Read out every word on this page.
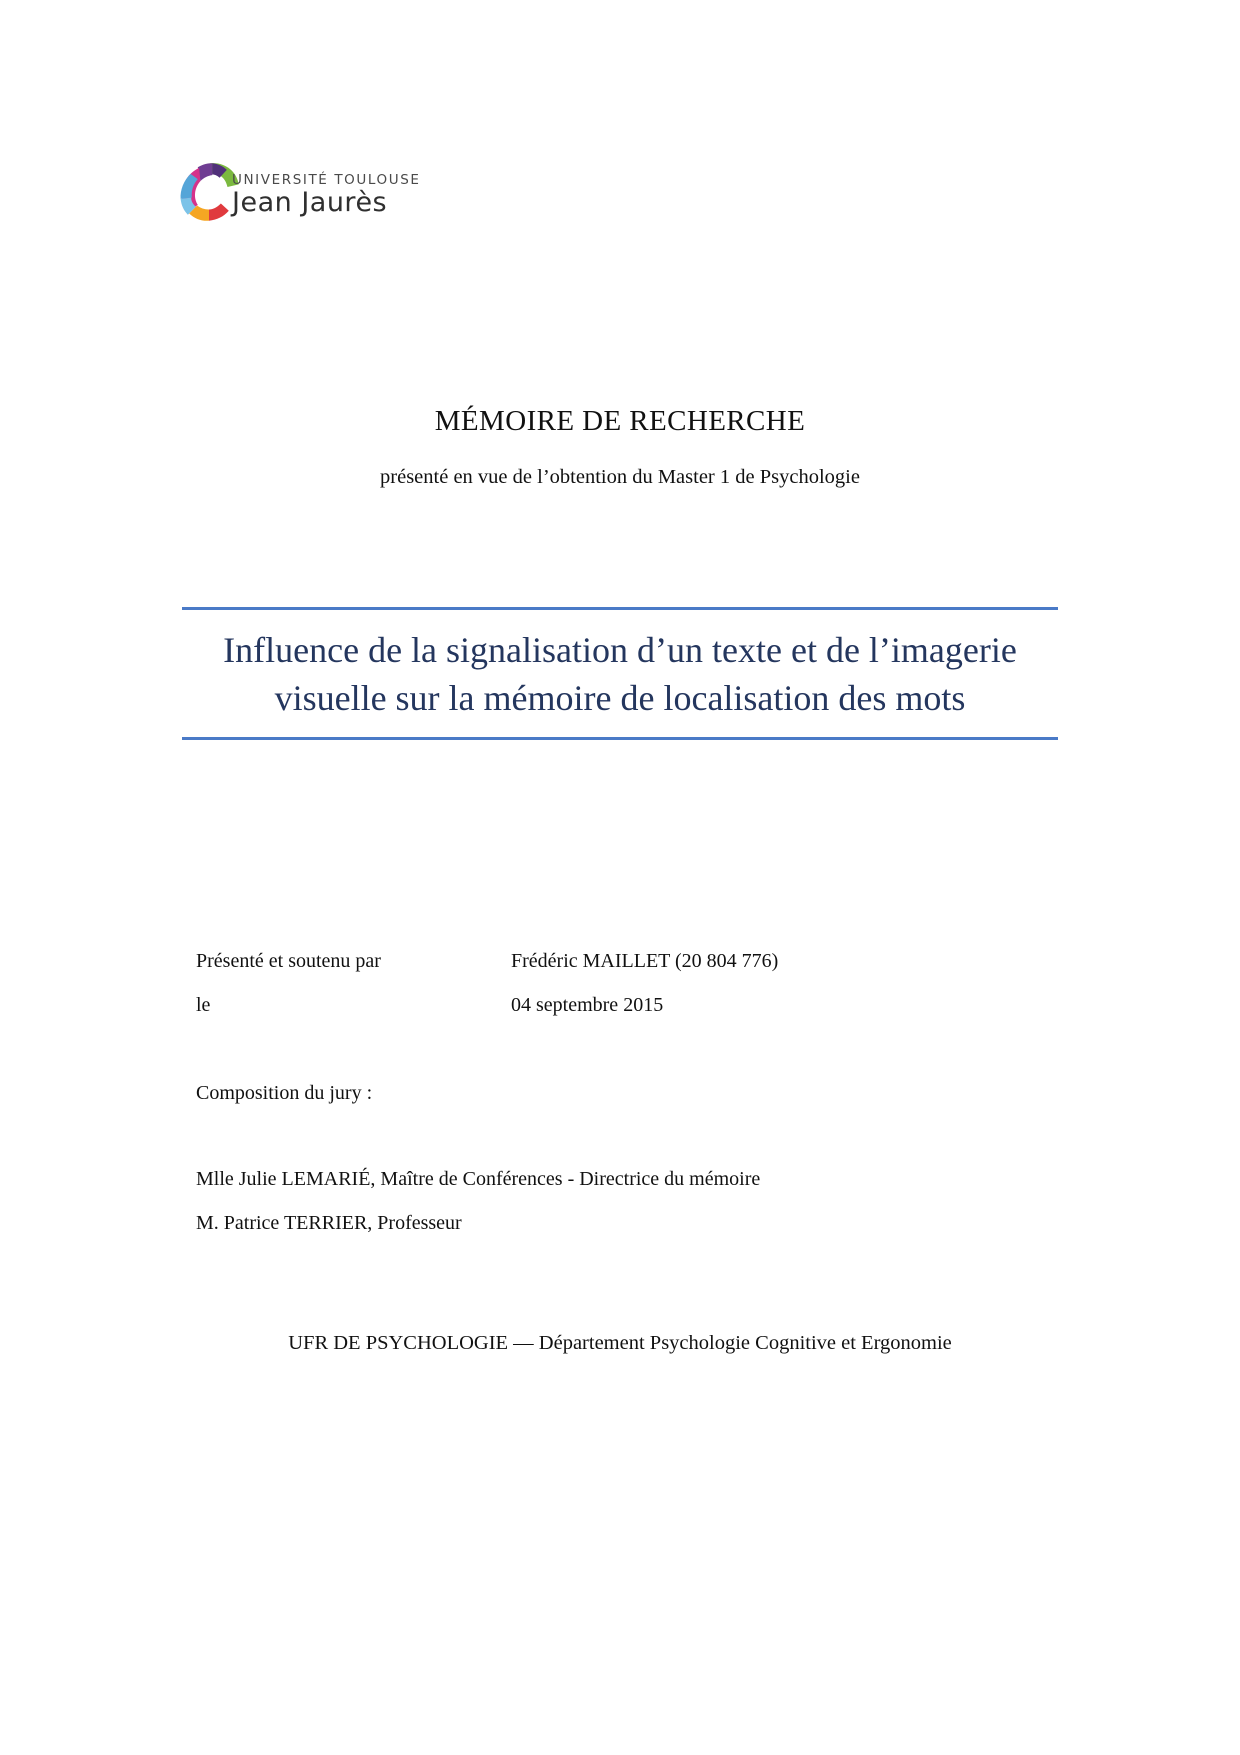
UNIVERSITÉ TOULOUSE
Jean Jaurès
MÉMOIRE DE RECHERCHE
présenté en vue de l’obtention du Master 1 de Psychologie
Influence de la signalisation d’un texte et de l’imagerie visuelle sur la mémoire de localisation des mots
Présenté et soutenu par	Frédéric MAILLET (20 804 776)
le	04 septembre 2015
Composition du jury :
Mlle Julie LEMARIÉ, Maître de Conférences - Directrice du mémoire
M. Patrice TERRIER, Professeur
UFR DE PSYCHOLOGIE — Département Psychologie Cognitive et Ergonomie
